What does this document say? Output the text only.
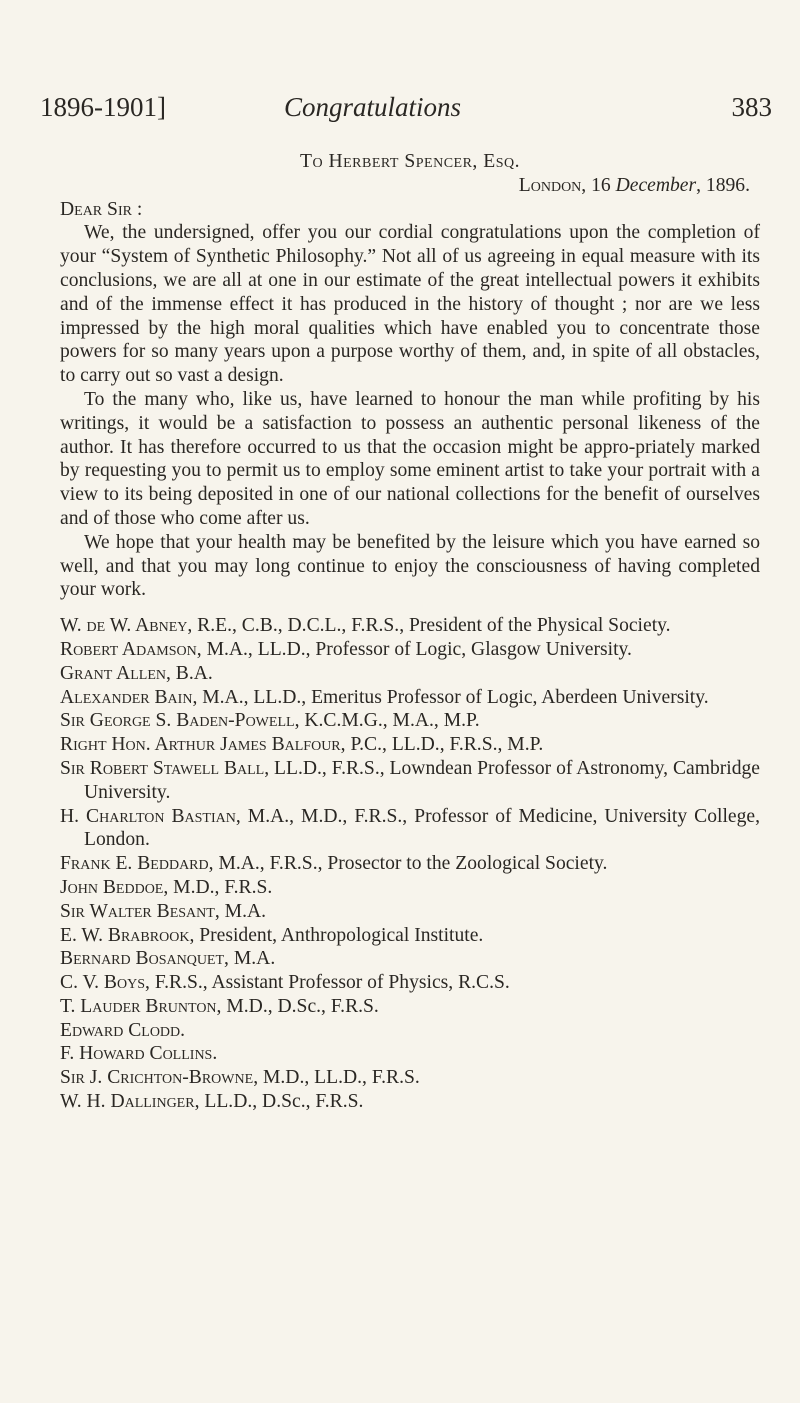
1896-1901]	Congratulations	383
To Herbert Spencer, Esq.
London, 16 December, 1896.

Dear Sir :

We, the undersigned, offer you our cordial congratulations upon the completion of your “System of Synthetic Philosophy.” Not all of us agreeing in equal measure with its conclusions, we are all at one in our estimate of the great intellectual powers it exhibits and of the immense effect it has produced in the history of thought ; nor are we less impressed by the high moral qualities which have enabled you to concentrate those powers for so many years upon a purpose worthy of them, and, in spite of all obstacles, to carry out so vast a design.

To the many who, like us, have learned to honour the man while profiting by his writings, it would be a satisfaction to possess an authentic personal likeness of the author. It has therefore occurred to us that the occasion might be appro-priately marked by requesting you to permit us to employ some eminent artist to take your portrait with a view to its being deposited in one of our national collections for the benefit of ourselves and of those who come after us.

We hope that your health may be benefited by the leisure which you have earned so well, and that you may long continue to enjoy the consciousness of having completed your work.

W. de W. Abney, R.E., C.B., D.C.L., F.R.S., President of the Physical Society.

Robert Adamson, M.A., LL.D., Professor of Logic, Glasgow University.

Grant Allen, B.A.

Alexander Bain, M.A., LL.D., Emeritus Professor of Logic, Aberdeen University.

Sir George S. Baden-Powell, K.C.M.G., M.A., M.P.

Right Hon. Arthur James Balfour, P.C., LL.D., F.R.S., M.P.

Sir Robert Stawell Ball, LL.D., F.R.S., Lowndean Professor of Astronomy, Cambridge University.

H. Charlton Bastian, M.A., M.D., F.R.S., Professor of Medicine, University College, London.

Frank E. Beddard, M.A., F.R.S., Prosector to the Zoological Society.

John Beddoe, M.D., F.R.S.

Sir Walter Besant, M.A.

E. W. Brabrook, President, Anthropological Institute.

Bernard Bosanquet, M.A.

C. V. Boys, F.R.S., Assistant Professor of Physics, R.C.S.

T. Lauder Brunton, M.D., D.Sc., F.R.S.

Edward Clodd.

F. Howard Collins.

Sir J. Crichton-Browne, M.D., LL.D., F.R.S.

W. H. Dallinger, LL.D., D.Sc., F.R.S.
